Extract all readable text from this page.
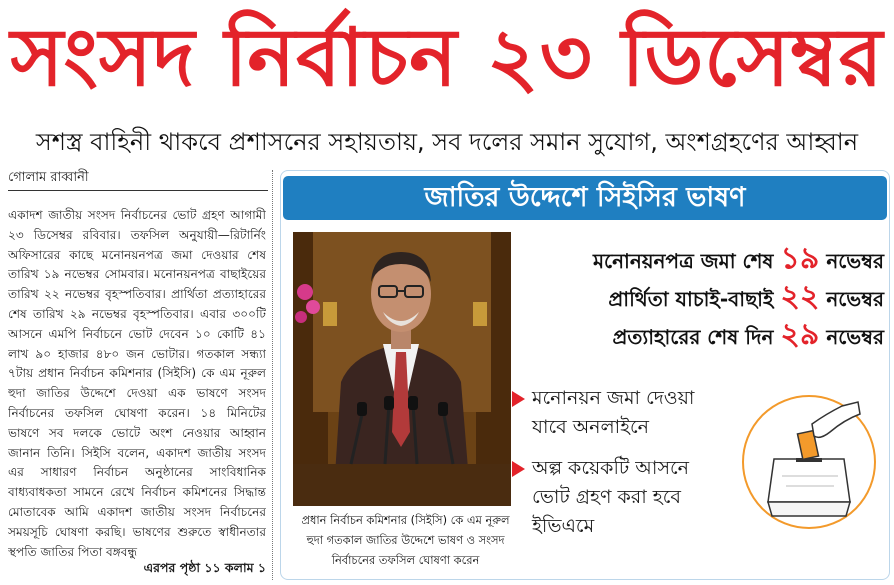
সংসদ নির্বাচন ২৩ ডিসেম্বর
সশস্ত্র বাহিনী থাকবে প্রশাসনের সহায়তায়, সব দলের সমান সুযোগ, অংশগ্রহণের আহ্বান
গোলাম রাব্বানী
একাদশ জাতীয় সংসদ নির্বাচনের ভোট গ্রহণ আগামী ২৩ ডিসেম্বর রবিবার। তফসিল অনুযায়ী—রিটার্নিং অফিসারের কাছে মনোনয়নপত্র জমা দেওয়ার শেষ তারিখ ১৯ নভেম্বর সোমবার। মনোনয়নপত্র বাছাইয়ের তারিখ ২২ নভেম্বর বৃহস্পতিবার। প্রার্থিতা প্রত্যাহারের শেষ তারিখ ২৯ নভেম্বর বৃহস্পতিবার। এবার ৩০০টি আসনে এমপি নির্বাচনে ভোট দেবেন ১০ কোটি ৪১ লাখ ৯০ হাজার ৪৮০ জন ভোটার। গতকাল সন্ধ্যা ৭টায় প্রধান নির্বাচন কমিশনার (সিইসি) কে এম নূরুল হুদা জাতির উদ্দেশে দেওয়া এক ভাষণে সংসদ নির্বাচনের তফসিল ঘোষণা করেন। ১৪ মিনিটের ভাষণে সব দলকে ভোটে অংশ নেওয়ার আহ্বান জানান তিনি। সিইসি বলেন, একাদশ জাতীয় সংসদ এর সাধারণ নির্বাচন অনুষ্ঠানের সাংবিধানিক বাধ্যবাধকতা সামনে রেখে নির্বাচন কমিশনের সিদ্ধান্ত মোতাবেক আমি একাদশ জাতীয় সংসদ নির্বাচনের সময়সূচি ঘোষণা করছি। ভাষণের শুরুতে স্বাধীনতার স্থপতি জাতির পিতা বঙ্গবন্ধু
এরপর পৃষ্ঠা ১১ কলাম ১
জাতির উদ্দেশে সিইসির ভাষণ
প্রধান নির্বাচন কমিশনার (সিইসি) কে এম নূরুল হুদা গতকাল জাতির উদ্দেশে ভাষণ ও সংসদ নির্বাচনের তফসিল ঘোষণা করেন
মনোনয়নপত্র জমা শেষ ১৯ নভেম্বর
প্রার্থিতা যাচাই-বাছাই ২২ নভেম্বর
প্রত্যাহারের শেষ দিন ২৯ নভেম্বর
মনোনয়ন জমা দেওয়া যাবে অনলাইনে
অল্প কয়েকটি আসনে ভোট গ্রহণ করা হবে ইভিএমে
